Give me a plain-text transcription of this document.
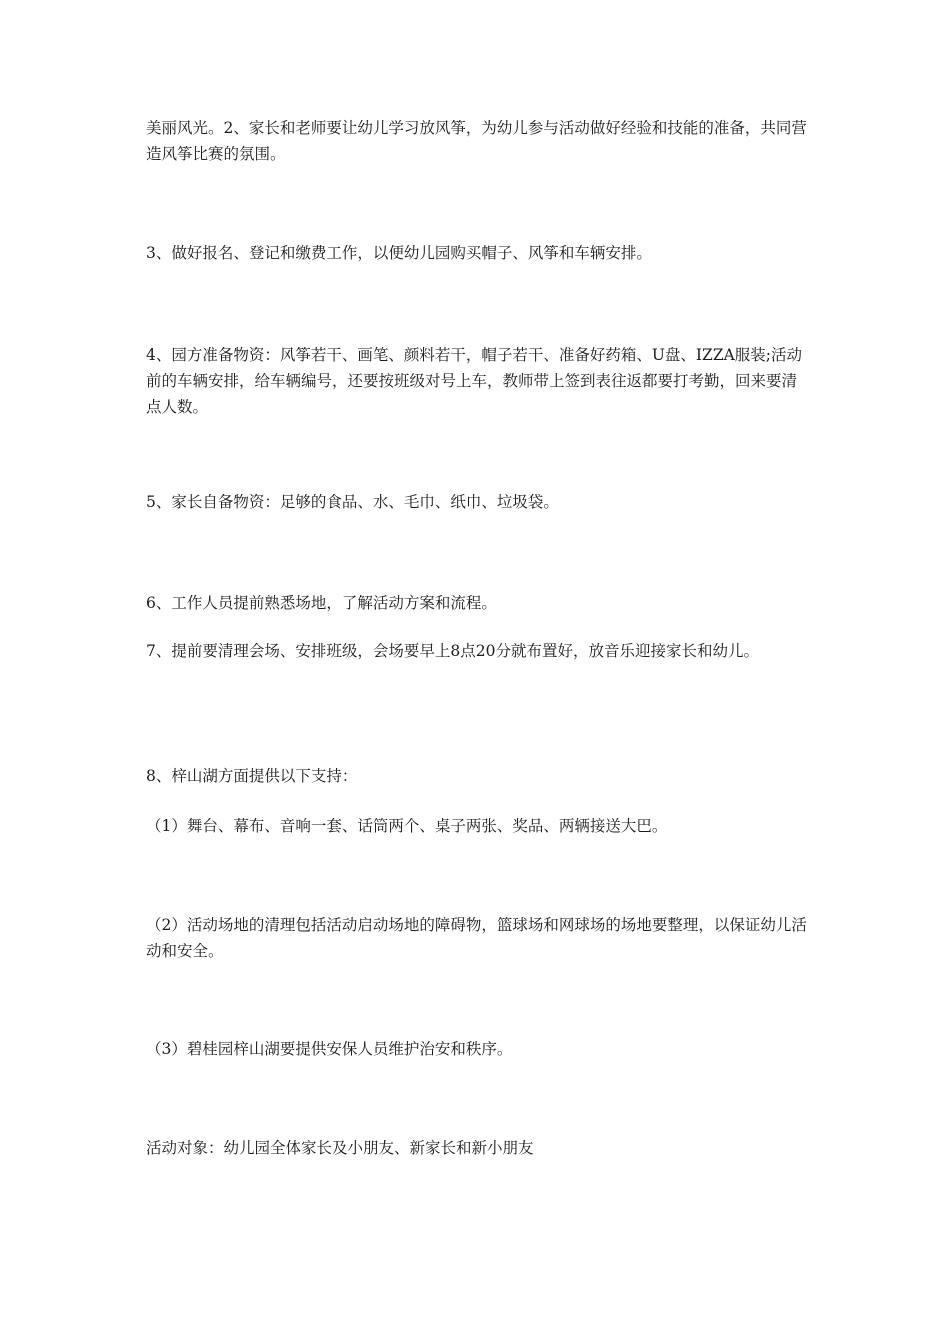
美丽风光。2、家长和老师要让幼儿学习放风筝，为幼儿参与活动做好经验和技能的准备，共同营造风筝比赛的氛围。

3、做好报名、登记和缴费工作，以便幼儿园购买帽子、风筝和车辆安排。

4、园方准备物资：风筝若干、画笔、颜料若干，帽子若干、准备好药箱、U盘、IZZA服装;活动前的车辆安排，给车辆编号，还要按班级对号上车，教师带上签到表往返都要打考勤，回来要清点人数。

5、家长自备物资：足够的食品、水、毛巾、纸巾、垃圾袋。

6、工作人员提前熟悉场地，了解活动方案和流程。

7、提前要清理会场、安排班级，会场要早上8点20分就布置好，放音乐迎接家长和幼儿。

8、梓山湖方面提供以下支持：

（1）舞台、幕布、音响一套、话筒两个、桌子两张、奖品、两辆接送大巴。

（2）活动场地的清理包括活动启动场地的障碍物，篮球场和网球场的场地要整理，以保证幼儿活动和安全。

（3）碧桂园梓山湖要提供安保人员维护治安和秩序。

活动对象：幼儿园全体家长及小朋友、新家长和新小朋友
